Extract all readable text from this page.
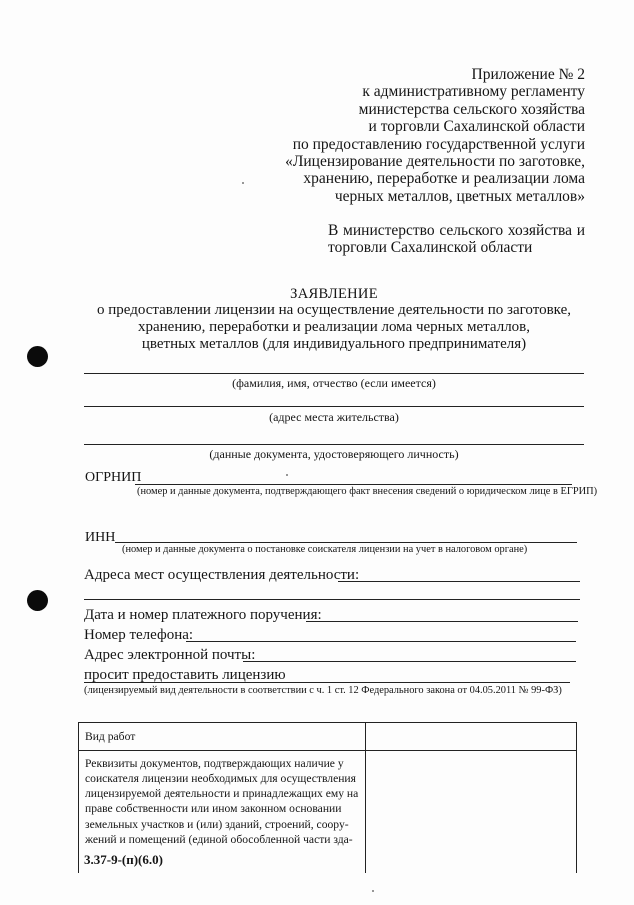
Приложение № 2
к административному регламенту
министерства сельского хозяйства
и торговли Сахалинской области
по предоставлению государственной услуги
«Лицензирование деятельности по заготовке,
хранению, переработке и реализации лома
черных металлов, цветных металлов»
В министерство сельского хозяйства и
торговли Сахалинской области
ЗАЯВЛЕНИЕ
о предоставлении лицензии на осуществление деятельности по заготовке,
хранению, переработки и реализации лома черных металлов,
цветных металлов (для индивидуального предпринимателя)
(фамилия, имя, отчество (если имеется)
(адрес места жительства)
(данные документа, удостоверяющего личность)
ОГРНИП
(номер и данные документа, подтверждающего факт внесения сведений о юридическом лице в ЕГРИП)
ИНН
(номер и данные документа о постановке соискателя лицензии на учет в налоговом органе)
Адреса мест осуществления деятельности:
Дата и номер платежного поручения:
Номер телефона:
Адрес электронной почты:
просит предоставить лицензию
(лицензируемый вид деятельности в соответствии с ч. 1 ст. 12 Федерального закона от 04.05.2011 № 99-ФЗ)
Вид работ
Реквизиты документов, подтверждающих наличие у
соискателя лицензии необходимых для осуществления
лицензируемой деятельности и принадлежащих ему на
праве собственности или ином законном основании
земельных участков и (или) зданий, строений, соору-
жений и помещений (единой обособленной части зда-
3.37-9-(п)(6.0)
